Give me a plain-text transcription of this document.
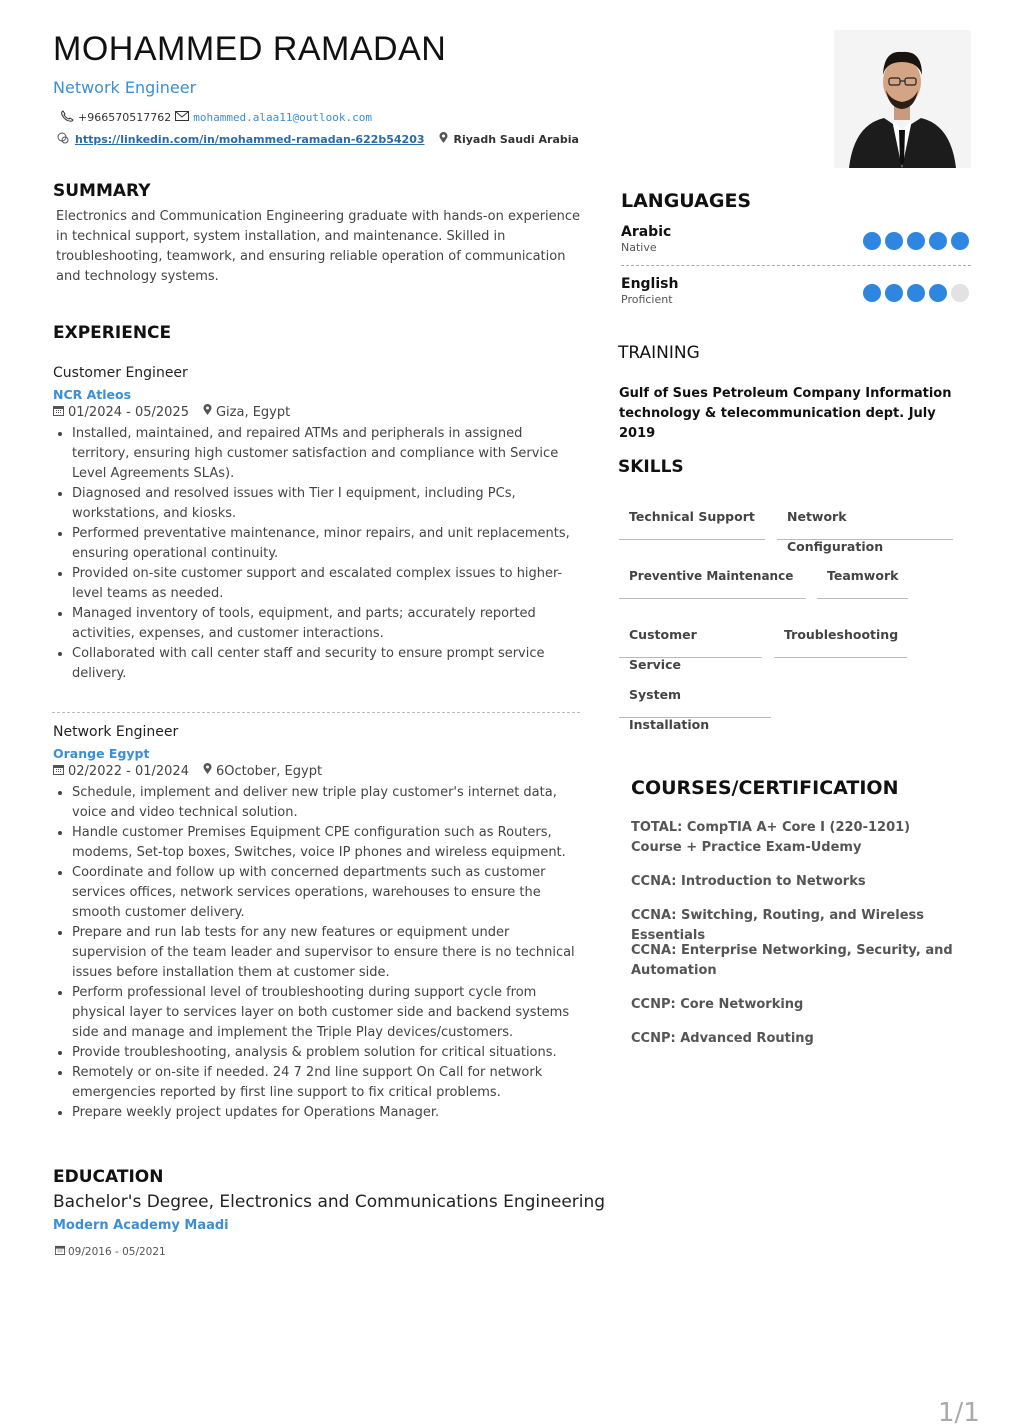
MOHAMMED RAMADAN
Network Engineer
+966570517762 mohammed.alaa11@outlook.com
https://linkedin.com/in/mohammed-ramadan-622b54203	Riyadh Saudi Arabia
SUMMARY
Electronics and Communication Engineering graduate with hands-on experience in technical support, system installation, and maintenance. Skilled in troubleshooting, teamwork, and ensuring reliable operation of communication and technology systems.
EXPERIENCE
Customer Engineer
NCR Atleos
01/2024 - 05/2025 Giza, Egypt
• Installed, maintained, and repaired ATMs and peripherals in assigned territory, ensuring high customer satisfaction and compliance with Service Level Agreements SLAs).
• Diagnosed and resolved issues with Tier I equipment, including PCs, workstations, and kiosks.
• Performed preventative maintenance, minor repairs, and unit replacements, ensuring operational continuity.
• Provided on-site customer support and escalated complex issues to higher-level teams as needed.
• Managed inventory of tools, equipment, and parts; accurately reported activities, expenses, and customer interactions.
• Collaborated with call center staff and security to ensure prompt service delivery.
Network Engineer
Orange Egypt
02/2022 - 01/2024 6October, Egypt
• Schedule, implement and deliver new triple play customer's internet data, voice and video technical solution.
• Handle customer Premises Equipment CPE configuration such as Routers, modems, Set-top boxes, Switches, voice IP phones and wireless equipment.
• Coordinate and follow up with concerned departments such as customer services offices, network services operations, warehouses to ensure the smooth customer delivery.
• Prepare and run lab tests for any new features or equipment under supervision of the team leader and supervisor to ensure there is no technical issues before installation them at customer side.
• Perform professional level of troubleshooting during support cycle from physical layer to services layer on both customer side and backend systems side and manage and implement the Triple Play devices/customers.
• Provide troubleshooting, analysis & problem solution for critical situations.
• Remotely or on-site if needed. 24 7 2nd line support On Call for network emergencies reported by first line support to fix critical problems.
• Prepare weekly project updates for Operations Manager.
EDUCATION
Bachelor's Degree, Electronics and Communications Engineering
Modern Academy Maadi
09/2016 - 05/2021
LANGUAGES
Arabic
Native
English
Proficient
TRAINING
Gulf of Sues Petroleum Company Information technology & telecommunication dept. July 2019
SKILLS
Technical Support	Network Configuration
Preventive Maintenance	Teamwork
Customer Service
Troubleshooting
System Installation
COURSES/CERTIFICATION
TOTAL: CompTIA A+ Core I (220-1201) Course + Practice Exam-Udemy
CCNA: Introduction to Networks
CCNA: Switching, Routing, and Wireless Essentials
CCNA: Enterprise Networking, Security, and Automation
CCNP: Core Networking
CCNP: Advanced Routing
1/1
